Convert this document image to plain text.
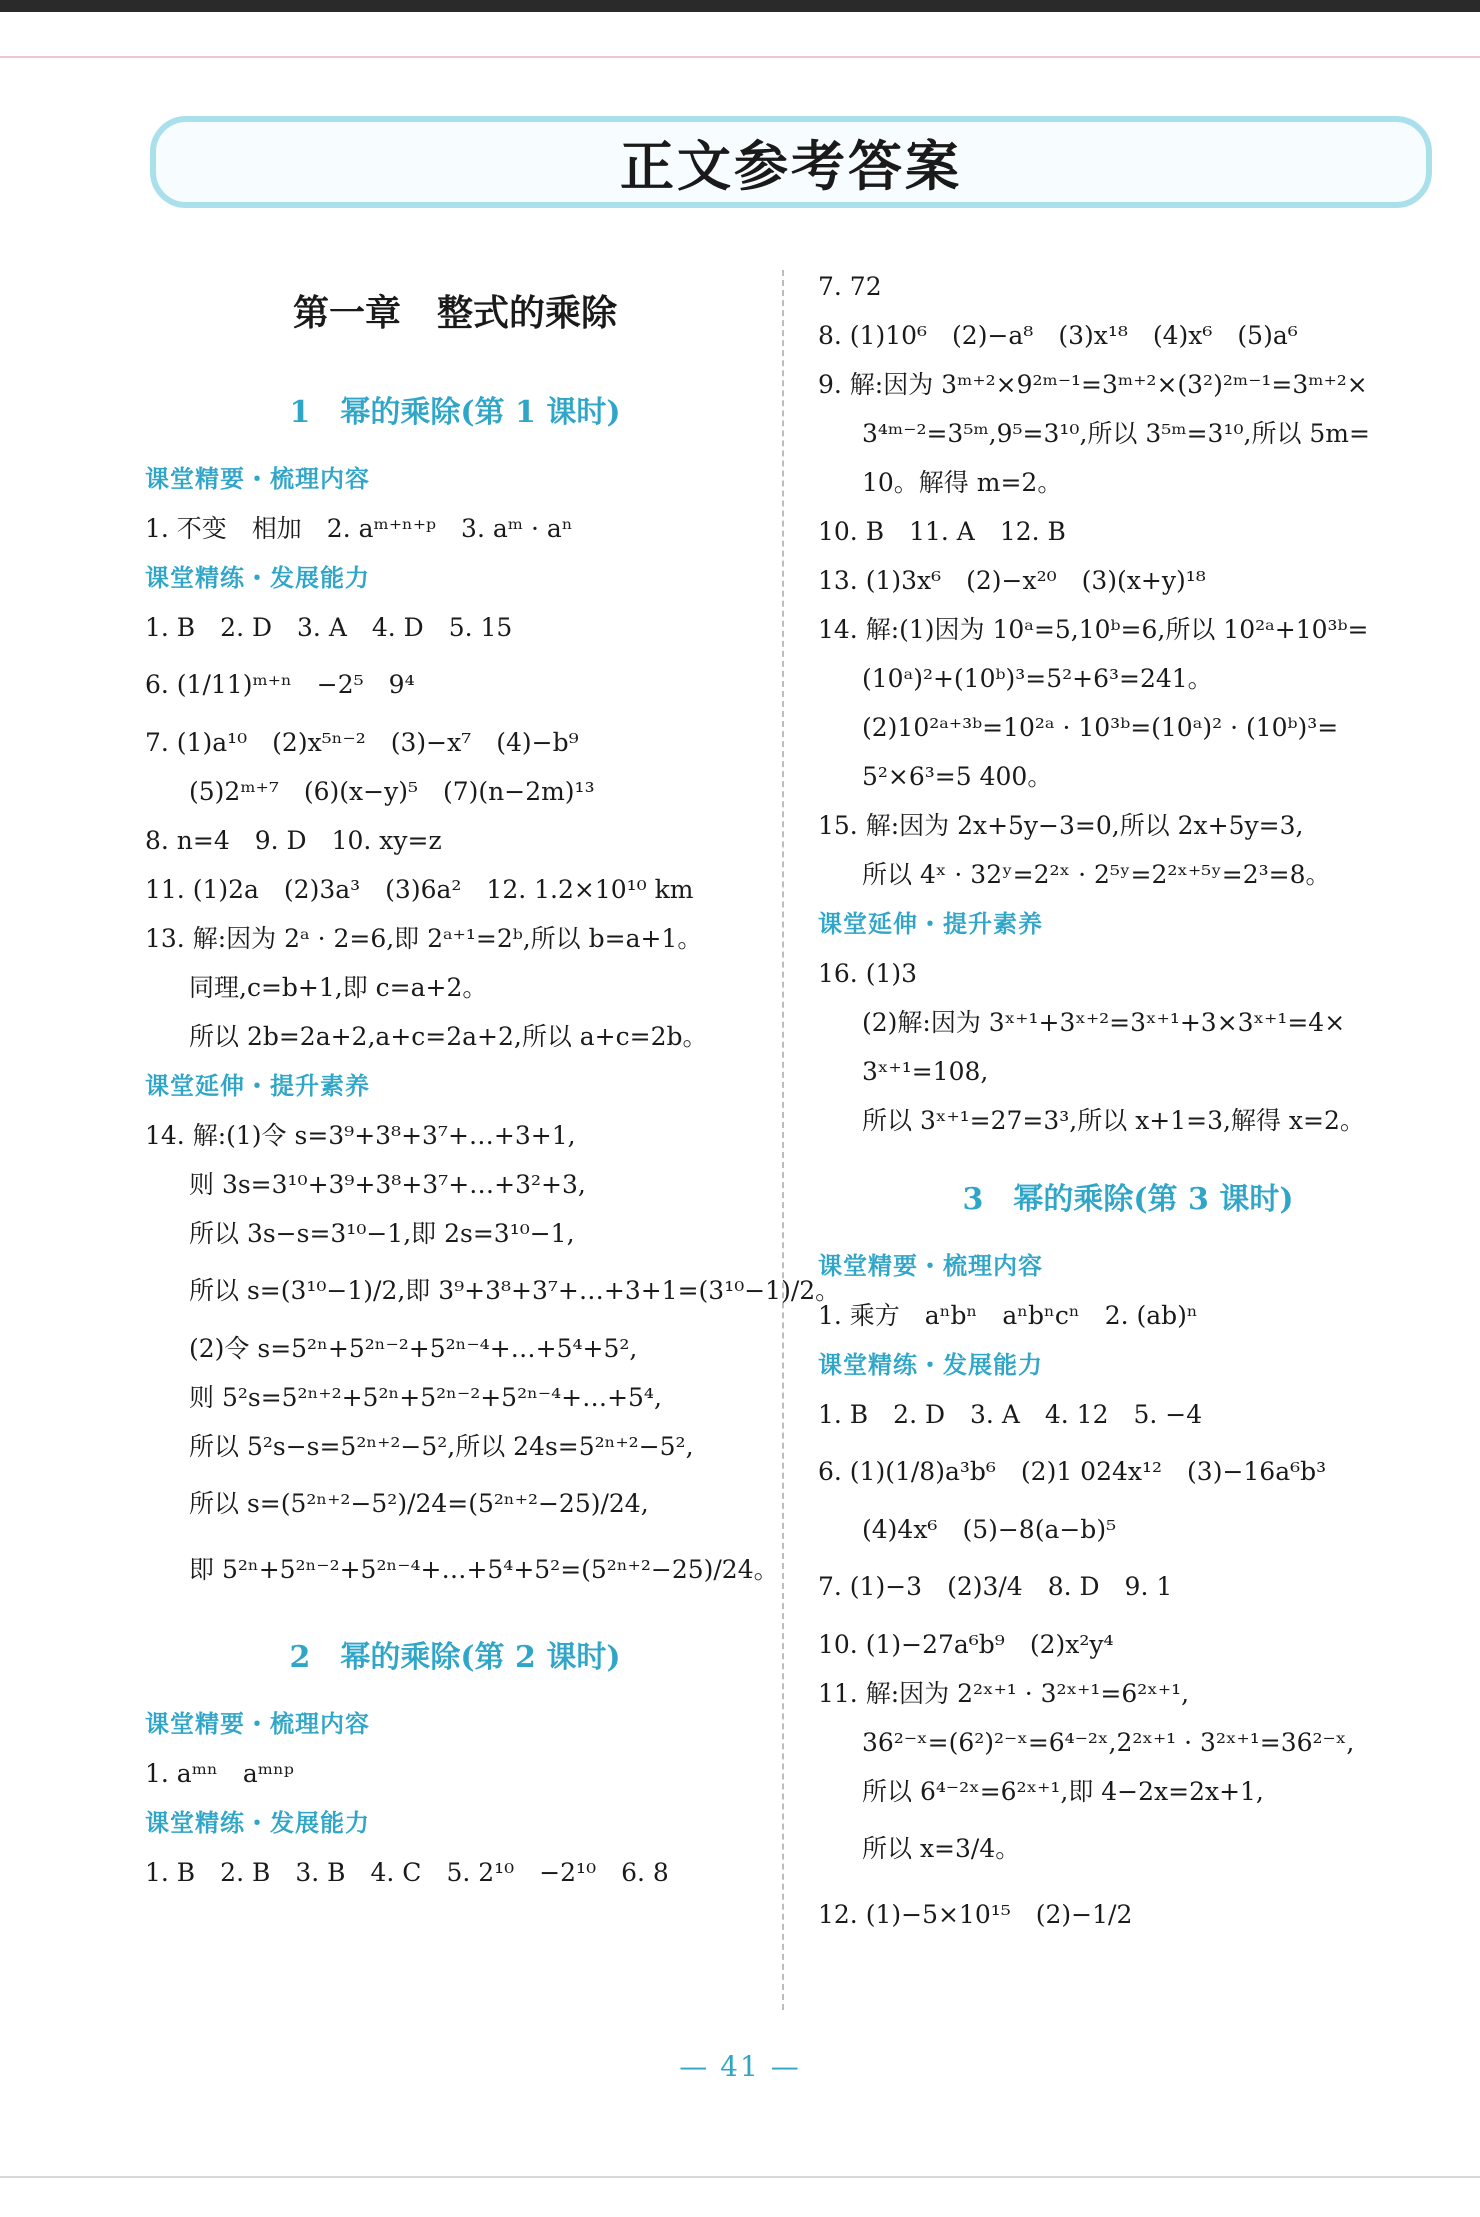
正文参考答案
第一章　整式的乘除
1　幂的乘除(第 1 课时)
课堂精要・梳理内容
1. 不变　相加　2. aᵐ⁺ⁿ⁺ᵖ　3. aᵐ · aⁿ
课堂精练・发展能力
1. B　2. D　3. A　4. D　5. 15
6. (1/11)ᵐ⁺ⁿ　−2⁵　9⁴
7. (1)a¹⁰　(2)x⁵ⁿ⁻²　(3)−x⁷　(4)−b⁹
(5)2ᵐ⁺⁷　(6)(x−y)⁵　(7)(n−2m)¹³
8. n=4　9. D　10. xy=z
11. (1)2a　(2)3a³　(3)6a²　12. 1.2×10¹⁰ km
13. 解:因为 2ᵃ · 2=6,即 2ᵃ⁺¹=2ᵇ,所以 b=a+1。
同理,c=b+1,即 c=a+2。
所以 2b=2a+2,a+c=2a+2,所以 a+c=2b。
课堂延伸・提升素养
14. 解:(1)令 s=3⁹+3⁸+3⁷+…+3+1,
则 3s=3¹⁰+3⁹+3⁸+3⁷+…+3²+3,
所以 3s−s=3¹⁰−1,即 2s=3¹⁰−1,
所以 s=(3¹⁰−1)/2,即 3⁹+3⁸+3⁷+…+3+1=(3¹⁰−1)/2。
(2)令 s=5²ⁿ+5²ⁿ⁻²+5²ⁿ⁻⁴+…+5⁴+5²,
则 5²s=5²ⁿ⁺²+5²ⁿ+5²ⁿ⁻²+5²ⁿ⁻⁴+…+5⁴,
所以 5²s−s=5²ⁿ⁺²−5²,所以 24s=5²ⁿ⁺²−5²,
所以 s=(5²ⁿ⁺²−5²)/24=(5²ⁿ⁺²−25)/24,
即 5²ⁿ+5²ⁿ⁻²+5²ⁿ⁻⁴+…+5⁴+5²=(5²ⁿ⁺²−25)/24。
2　幂的乘除(第 2 课时)
课堂精要・梳理内容
1. aᵐⁿ　aᵐⁿᵖ
课堂精练・发展能力
1. B　2. B　3. B　4. C　5. 2¹⁰　−2¹⁰　6. 8
7. 72
8. (1)10⁶　(2)−a⁸　(3)x¹⁸　(4)x⁶　(5)a⁶
9. 解:因为 3ᵐ⁺²×9²ᵐ⁻¹=3ᵐ⁺²×(3²)²ᵐ⁻¹=3ᵐ⁺²×
3⁴ᵐ⁻²=3⁵ᵐ,9⁵=3¹⁰,所以 3⁵ᵐ=3¹⁰,所以 5m=
10。解得 m=2。
10. B　11. A　12. B
13. (1)3x⁶　(2)−x²⁰　(3)(x+y)¹⁸
14. 解:(1)因为 10ᵃ=5,10ᵇ=6,所以 10²ᵃ+10³ᵇ=
(10ᵃ)²+(10ᵇ)³=5²+6³=241。
(2)10²ᵃ⁺³ᵇ=10²ᵃ · 10³ᵇ=(10ᵃ)² · (10ᵇ)³=
5²×6³=5 400。
15. 解:因为 2x+5y−3=0,所以 2x+5y=3,
所以 4ˣ · 32ʸ=2²ˣ · 2⁵ʸ=2²ˣ⁺⁵ʸ=2³=8。
课堂延伸・提升素养
16. (1)3
(2)解:因为 3ˣ⁺¹+3ˣ⁺²=3ˣ⁺¹+3×3ˣ⁺¹=4×
3ˣ⁺¹=108,
所以 3ˣ⁺¹=27=3³,所以 x+1=3,解得 x=2。
3　幂的乘除(第 3 课时)
课堂精要・梳理内容
1. 乘方　aⁿbⁿ　aⁿbⁿcⁿ　2. (ab)ⁿ
课堂精练・发展能力
1. B　2. D　3. A　4. 12　5. −4
6. (1)(1/8)a³b⁶　(2)1 024x¹²　(3)−16a⁶b³
(4)4x⁶　(5)−8(a−b)⁵
7. (1)−3　(2)3/4　8. D　9. 1
10. (1)−27a⁶b⁹　(2)x²y⁴
11. 解:因为 2²ˣ⁺¹ · 3²ˣ⁺¹=6²ˣ⁺¹,
36²⁻ˣ=(6²)²⁻ˣ=6⁴⁻²ˣ,2²ˣ⁺¹ · 3²ˣ⁺¹=36²⁻ˣ,
所以 6⁴⁻²ˣ=6²ˣ⁺¹,即 4−2x=2x+1,
所以 x=3/4。
12. (1)−5×10¹⁵　(2)−1/2
— 41 —
